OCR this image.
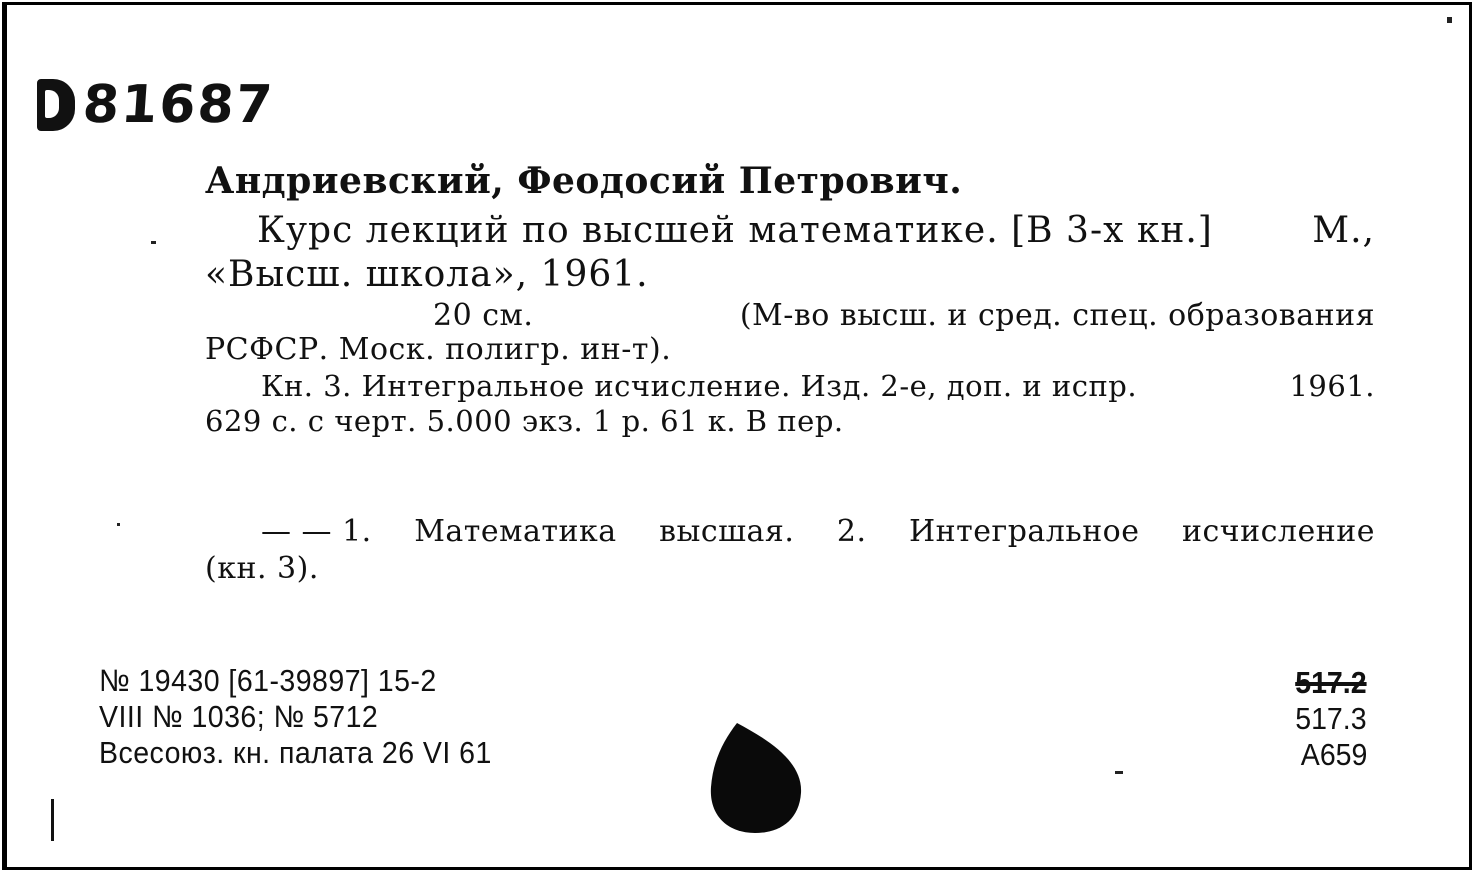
81687
Андриевский, Феодосий Петрович.
Курс лекций по высшей математике. [В 3-х кн.]	М.,
«Высш. школа», 1961.
20 см.	(М-во высш. и сред. спец. образования
РСФСР. Моск. полигр. ин-т).
Кн. 3. Интегральное исчисление. Изд. 2-е, доп. и испр.	1961.
629 с. с черт. 5.000 экз. 1 р. 61 к. В пер.
— — 1. Математика высшая. 2. Интегральное исчисление
(кн. 3).
№ 19430 [61-39897] 15-2
VIII № 1036; № 5712
Всесоюз. кн. палата 26 VI 61
517.2
517.3
А659
